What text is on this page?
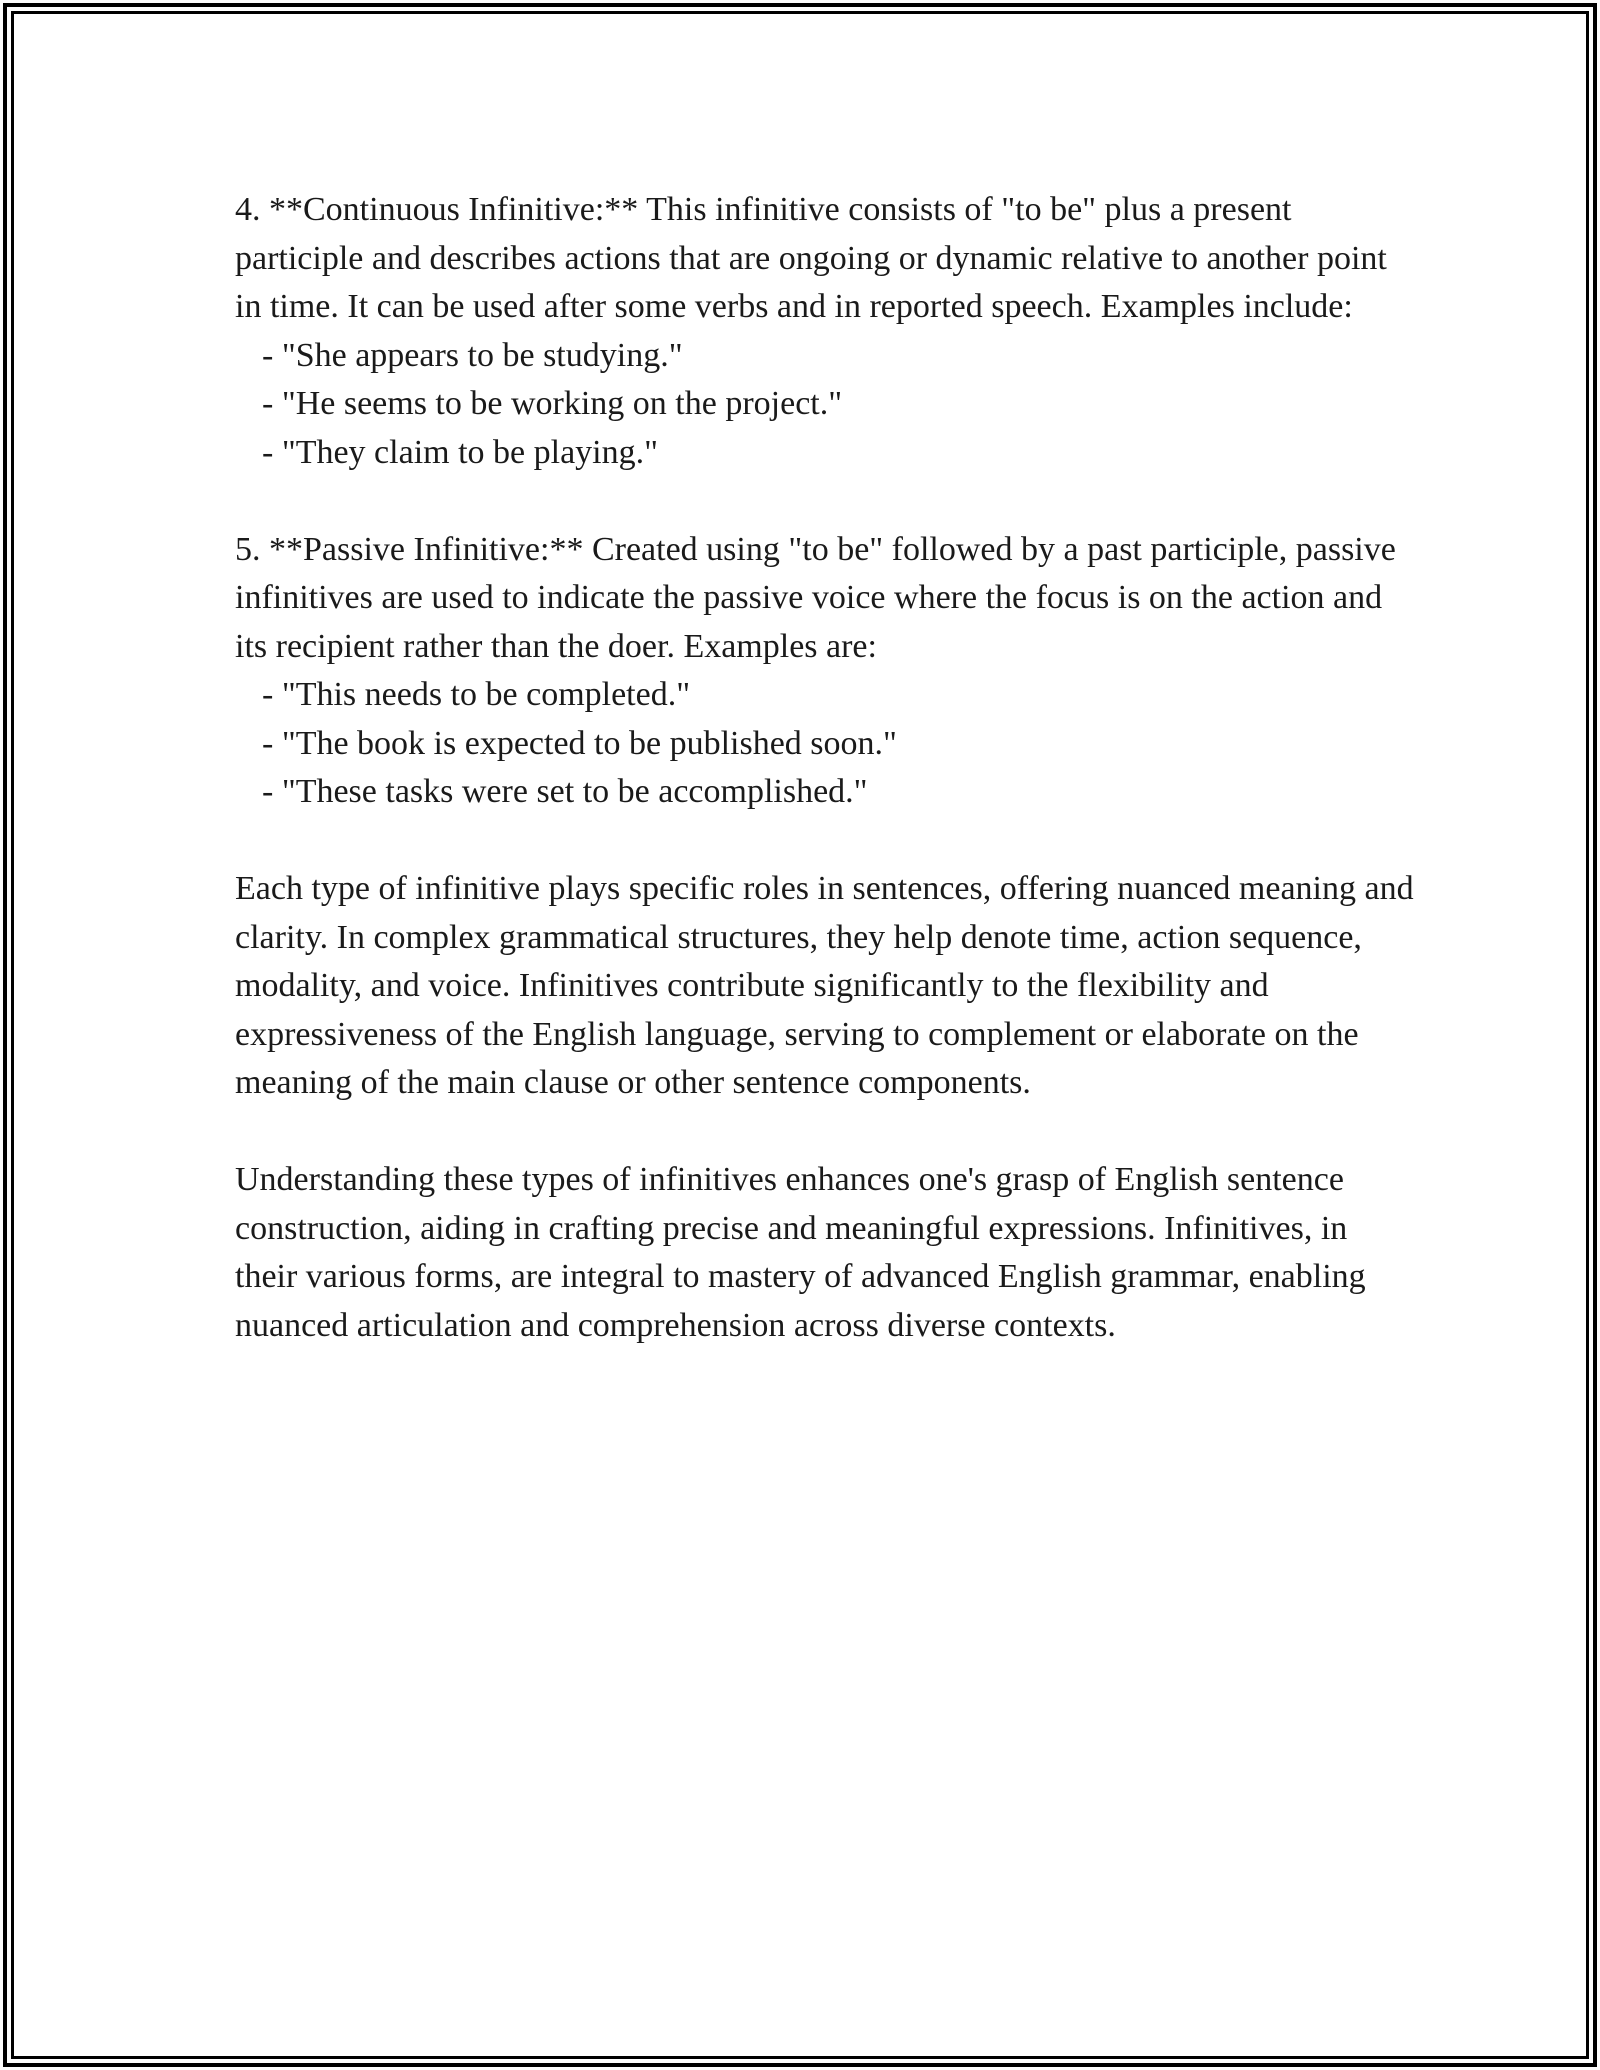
4. **Continuous Infinitive:** This infinitive consists of "to be" plus a present participle and describes actions that are ongoing or dynamic relative to another point in time. It can be used after some verbs and in reported speech. Examples include:

- "She appears to be studying."

- "He seems to be working on the project."

- "They claim to be playing."

5. **Passive Infinitive:** Created using "to be" followed by a past participle, passive infinitives are used to indicate the passive voice where the focus is on the action and its recipient rather than the doer. Examples are:

- "This needs to be completed."

- "The book is expected to be published soon."

- "These tasks were set to be accomplished."

Each type of infinitive plays specific roles in sentences, offering nuanced meaning and clarity. In complex grammatical structures, they help denote time, action sequence, modality, and voice. Infinitives contribute significantly to the flexibility and expressiveness of the English language, serving to complement or elaborate on the meaning of the main clause or other sentence components.

Understanding these types of infinitives enhances one's grasp of English sentence construction, aiding in crafting precise and meaningful expressions. Infinitives, in their various forms, are integral to mastery of advanced English grammar, enabling nuanced articulation and comprehension across diverse contexts.
